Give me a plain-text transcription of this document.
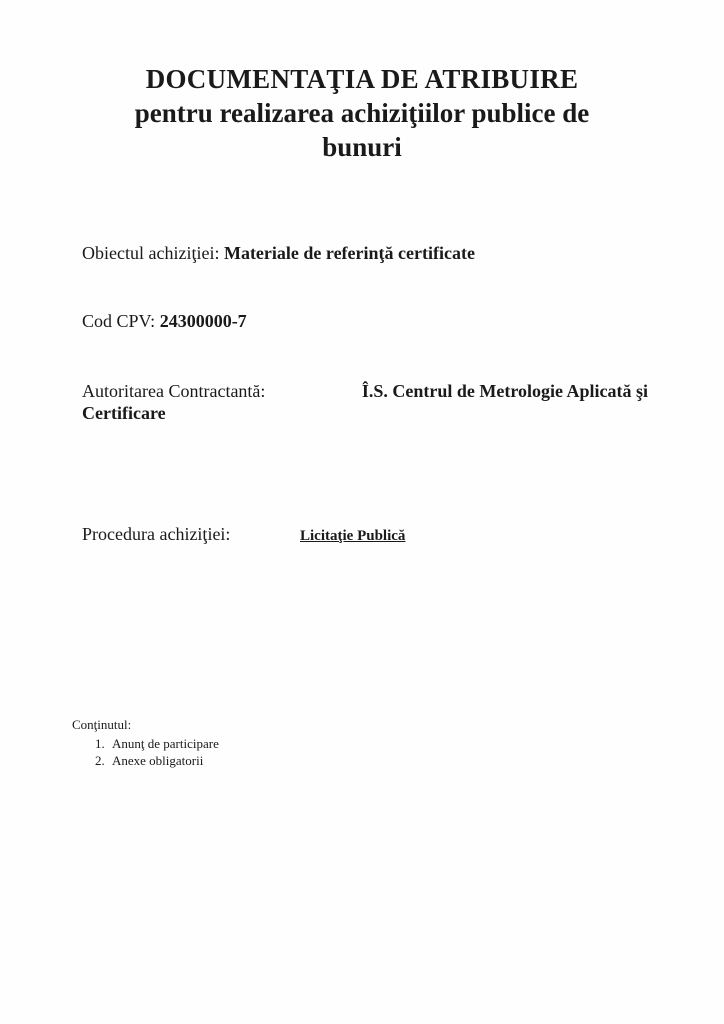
DOCUMENTAŢIA DE ATRIBUIRE
pentru realizarea achiziţiilor publice de
bunuri
Obiectul achiziţiei: Materiale de referinţă certificate
Cod CPV: 24300000-7
Autoritarea Contractantă:	Î.S. Centrul de Metrologie Aplicată şi
Certificare
Procedura achiziţiei:	Licitaţie Publică
Conţinutul:
1. Anunţ de participare
2. Anexe obligatorii
